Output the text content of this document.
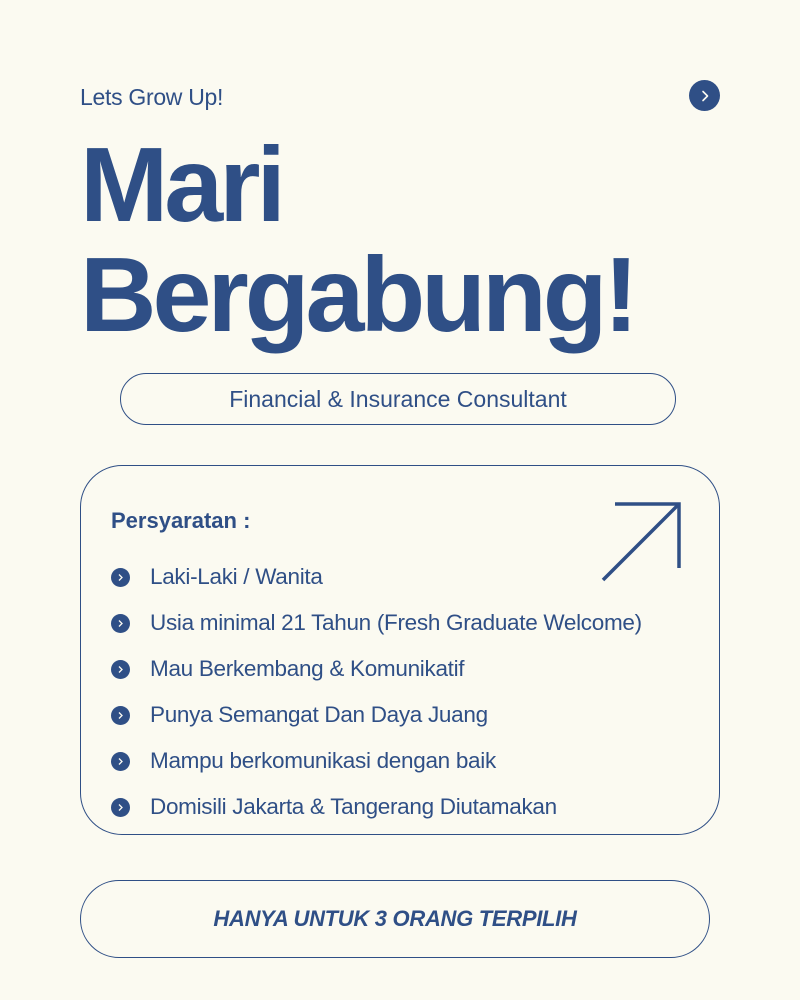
Lets Grow Up!
Mari
Bergabung!
Financial & Insurance Consultant
Persyaratan :
Laki-Laki / Wanita
Usia minimal 21 Tahun (Fresh Graduate Welcome)
Mau Berkembang & Komunikatif
Punya Semangat Dan Daya Juang
Mampu berkomunikasi dengan baik
Domisili Jakarta & Tangerang Diutamakan
HANYA UNTUK 3 ORANG TERPILIH
